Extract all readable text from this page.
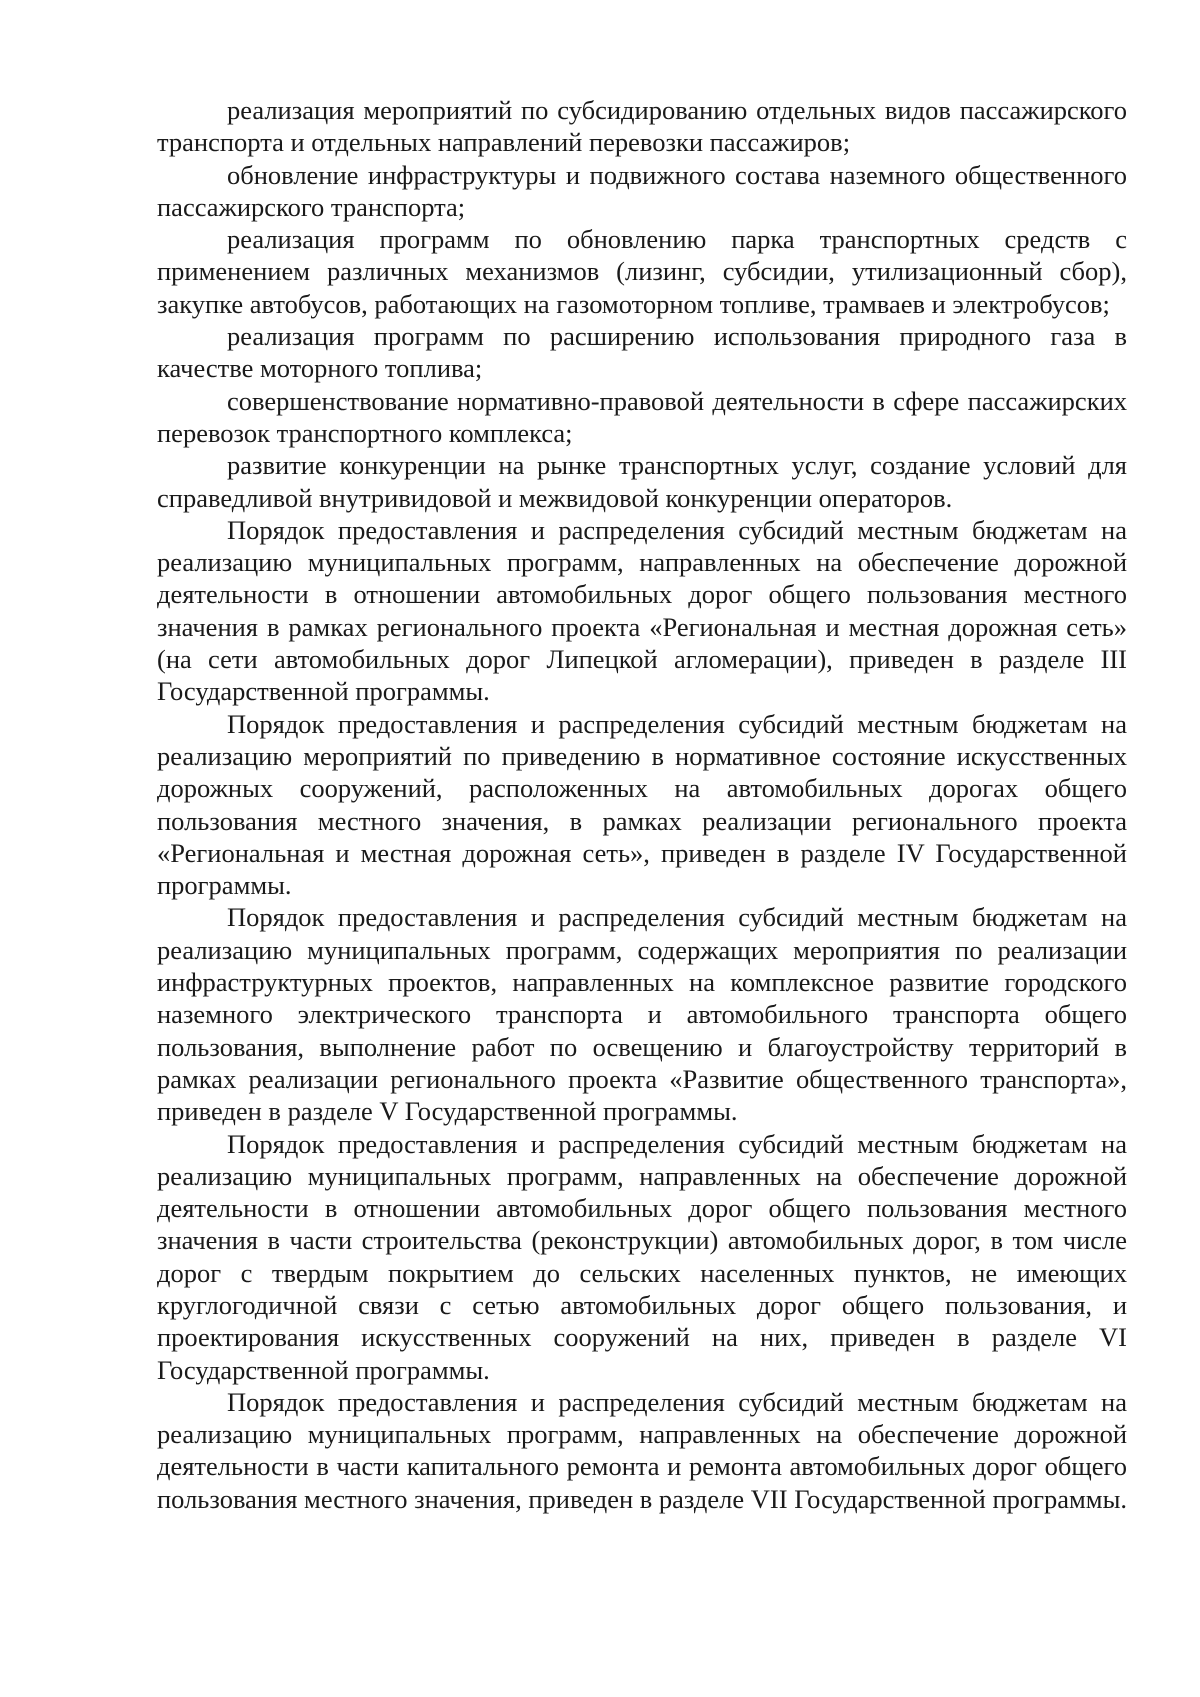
реализация мероприятий по субсидированию отдельных видов пассажирского транспорта и отдельных направлений перевозки пассажиров;

обновление инфраструктуры и подвижного состава наземного общественного пассажирского транспорта;

реализация программ по обновлению парка транспортных средств с применением различных механизмов (лизинг, субсидии, утилизационный сбор), закупке автобусов, работающих на газомоторном топливе, трамваев и электробусов;

реализация программ по расширению использования природного газа в качестве моторного топлива;

совершенствование нормативно-правовой деятельности в сфере пассажирских перевозок транспортного комплекса;

развитие конкуренции на рынке транспортных услуг, создание условий для справедливой внутривидовой и межвидовой конкуренции операторов.

Порядок предоставления и распределения субсидий местным бюджетам на реализацию муниципальных программ, направленных на обеспечение дорожной деятельности в отношении автомобильных дорог общего пользования местного значения в рамках регионального проекта «Региональная и местная дорожная сеть» (на сети автомобильных дорог Липецкой агломерации), приведен в разделе III Государственной программы.

Порядок предоставления и распределения субсидий местным бюджетам на реализацию мероприятий по приведению в нормативное состояние искусственных дорожных сооружений, расположенных на автомобильных дорогах общего пользования местного значения, в рамках реализации регионального проекта «Региональная и местная дорожная сеть», приведен в разделе IV Государственной программы.

Порядок предоставления и распределения субсидий местным бюджетам на реализацию муниципальных программ, содержащих мероприятия по реализации инфраструктурных проектов, направленных на комплексное развитие городского наземного электрического транспорта и автомобильного транспорта общего пользования, выполнение работ по освещению и благоустройству территорий в рамках реализации регионального проекта «Развитие общественного транспорта», приведен в разделе V Государственной программы.

Порядок предоставления и распределения субсидий местным бюджетам на реализацию муниципальных программ, направленных на обеспечение дорожной деятельности в отношении автомобильных дорог общего пользования местного значения в части строительства (реконструкции) автомобильных дорог, в том числе дорог с твердым покрытием до сельских населенных пунктов, не имеющих круглогодичной связи с сетью автомобильных дорог общего пользования, и проектирования искусственных сооружений на них, приведен в разделе VI Государственной программы.

Порядок предоставления и распределения субсидий местным бюджетам на реализацию муниципальных программ, направленных на обеспечение дорожной деятельности в части капитального ремонта и ремонта автомобильных дорог общего пользования местного значения, приведен в разделе VII Государственной программы.
